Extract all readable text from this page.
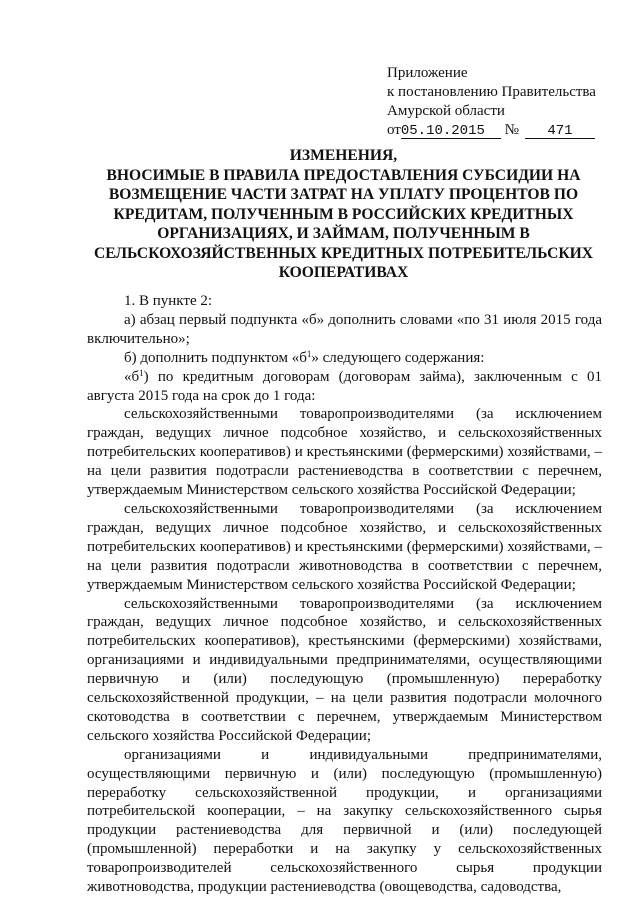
Приложение
к постановлению Правительства
Амурской области
от05.10.2015 № 471
ИЗМЕНЕНИЯ,
ВНОСИМЫЕ В ПРАВИЛА ПРЕДОСТАВЛЕНИЯ СУБСИДИИ НА ВОЗМЕЩЕНИЕ ЧАСТИ ЗАТРАТ НА УПЛАТУ ПРОЦЕНТОВ ПО КРЕДИТАМ, ПОЛУЧЕННЫМ В РОССИЙСКИХ КРЕДИТНЫХ ОРГАНИЗАЦИЯХ, И ЗАЙМАМ, ПОЛУЧЕННЫМ В СЕЛЬСКОХОЗЯЙСТВЕННЫХ КРЕДИТНЫХ ПОТРЕБИТЕЛЬСКИХ КООПЕРАТИВАХ

1. В пункте 2:

а) абзац первый подпункта «б» дополнить словами «по 31 июля 2015 года включительно»;

б) дополнить подпунктом «$б^1$» следующего содержания:

«$б^1$) по кредитным договорам (договорам займа), заключенным с 01 августа 2015 года на срок до 1 года:

сельскохозяйственными товаропроизводителями (за исключением граждан, ведущих личное подсобное хозяйство, и сельскохозяйственных потребительских кооперативов) и крестьянскими (фермерскими) хозяйствами, – на цели развития подотрасли растениеводства в соответствии с перечнем, утверждаемым Министерством сельского хозяйства Российской Федерации;

сельскохозяйственными товаропроизводителями (за исключением граждан, ведущих личное подсобное хозяйство, и сельскохозяйственных потребительских кооперативов) и крестьянскими (фермерскими) хозяйствами, – на цели развития подотрасли животноводства в соответствии с перечнем, утверждаемым Министерством сельского хозяйства Российской Федерации;

сельскохозяйственными товаропроизводителями (за исключением граждан, ведущих личное подсобное хозяйство, и сельскохозяйственных потребительских кооперативов), крестьянскими (фермерскими) хозяйствами, организациями и индивидуальными предпринимателями, осуществляющими первичную и (или) последующую (промышленную) переработку сельскохозяйственной продукции, – на цели развития подотрасли молочного скотоводства в соответствии с перечнем, утверждаемым Министерством сельского хозяйства Российской Федерации;

организациями и индивидуальными предпринимателями, осуществляющими первичную и (или) последующую (промышленную) переработку сельскохозяйственной продукции, и организациями потребительской кооперации, – на закупку сельскохозяйственного сырья продукции растениеводства для первичной и (или) последующей (промышленной) переработки и на закупку у сельскохозяйственных товаропроизводителей сельскохозяйственного сырья продукции животноводства, продукции растениеводства (овощеводства, садоводства,
